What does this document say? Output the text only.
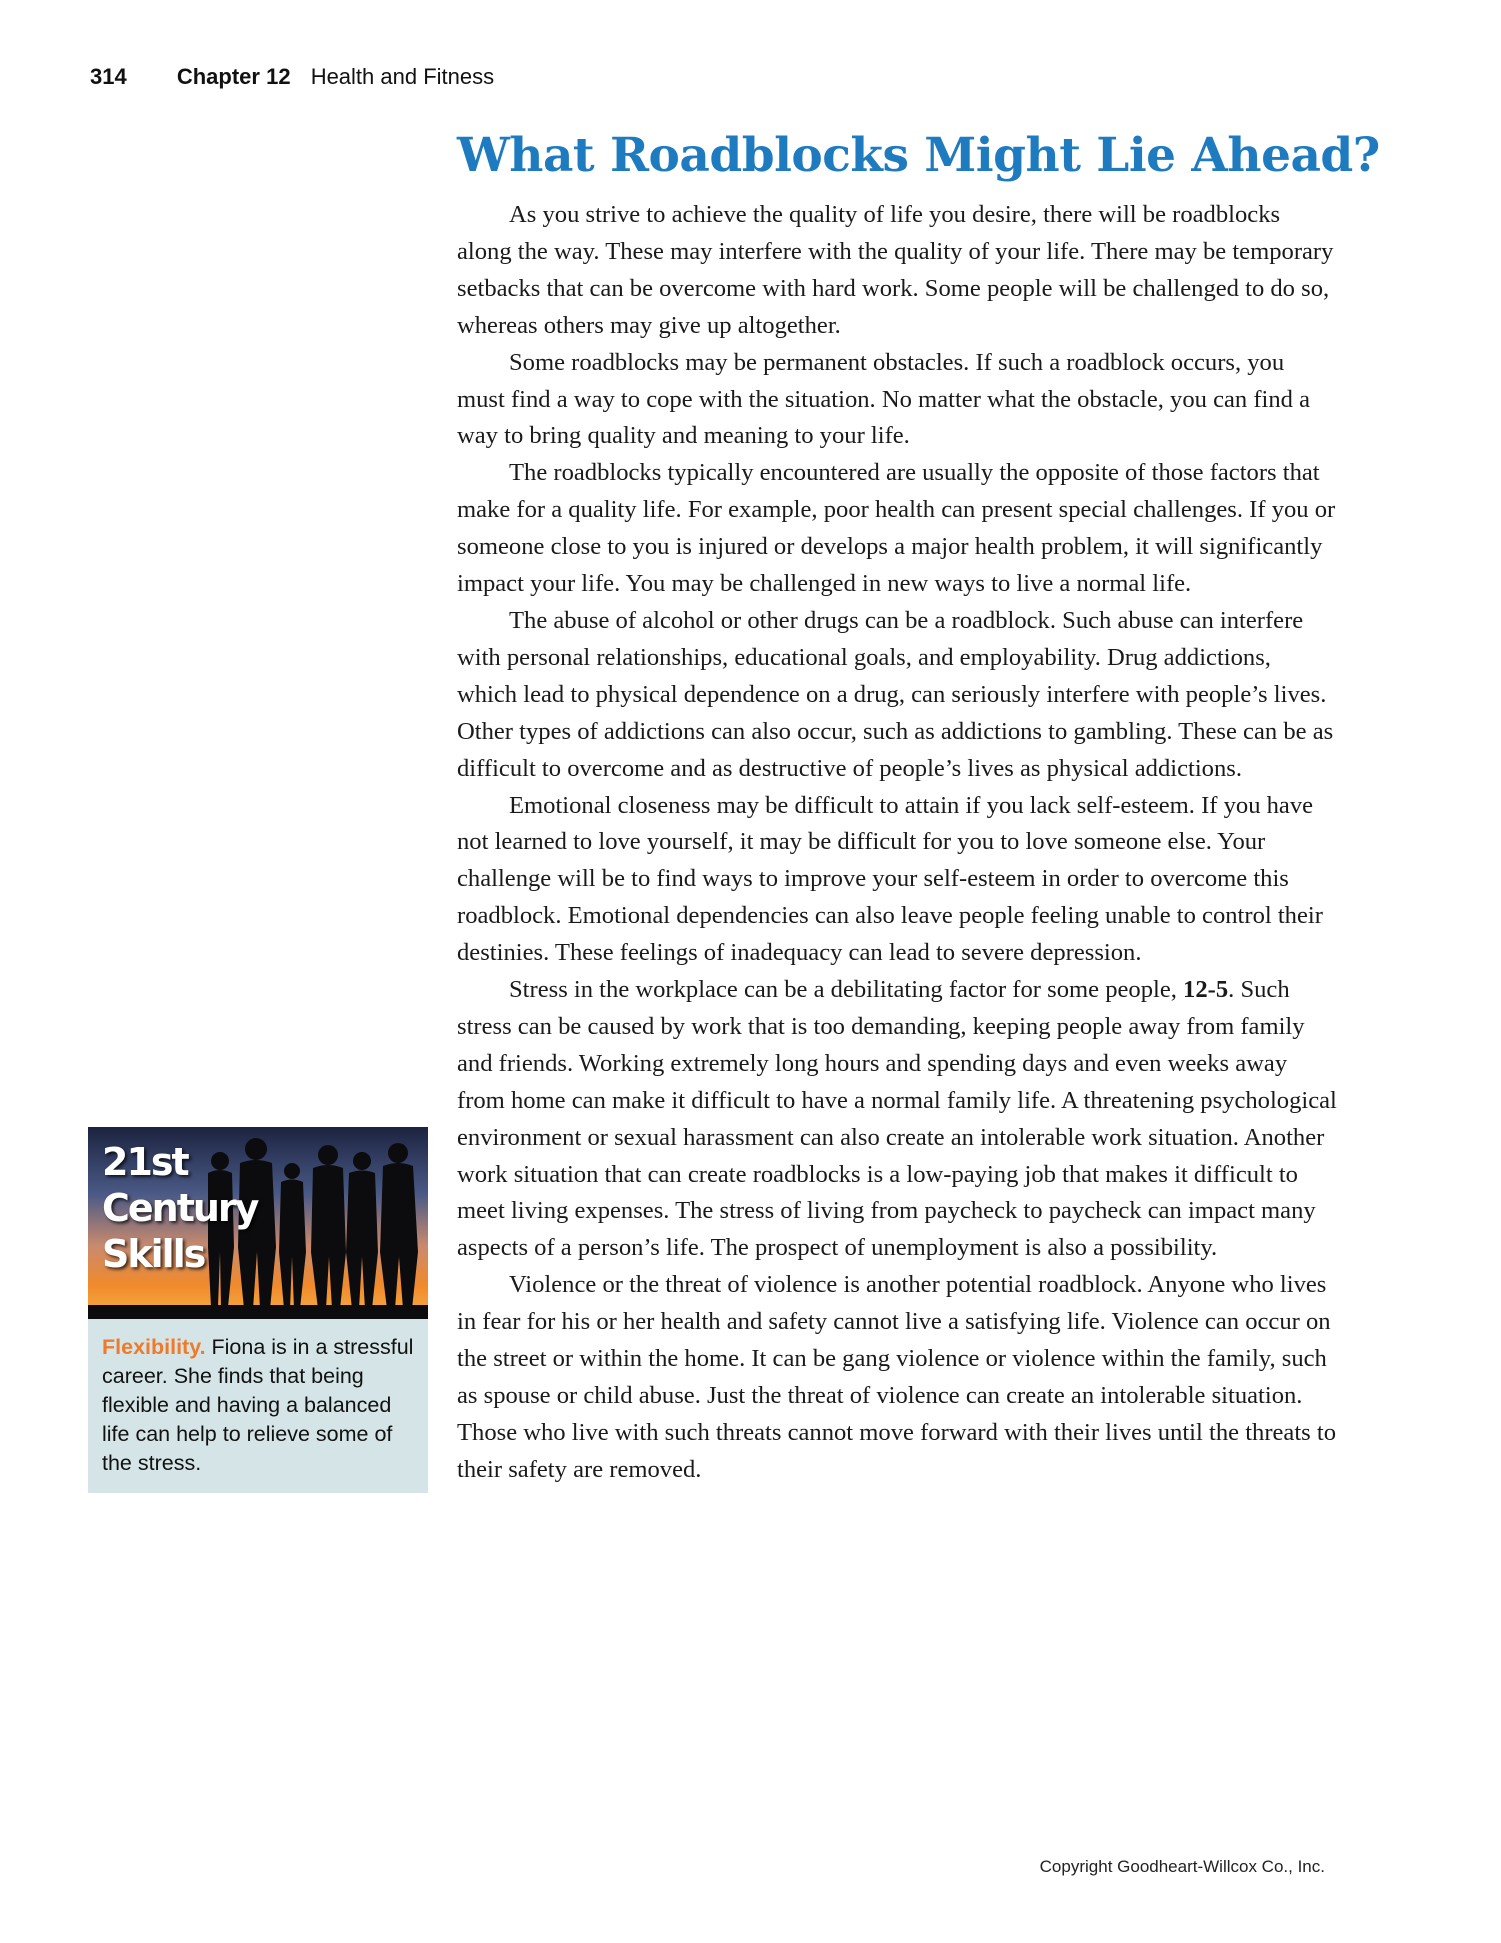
314 Chapter 12 Health and Fitness
What Roadblocks Might Lie Ahead?

As you strive to achieve the quality of life you desire, there will be roadblocks along the way. These may interfere with the quality of your life. There may be temporary setbacks that can be overcome with hard work. Some people will be challenged to do so, whereas others may give up altogether.

Some roadblocks may be permanent obstacles. If such a roadblock occurs, you must find a way to cope with the situation. No matter what the obstacle, you can find a way to bring quality and meaning to your life.

The roadblocks typically encountered are usually the opposite of those factors that make for a quality life. For example, poor health can present special challenges. If you or someone close to you is injured or develops a major health problem, it will significantly impact your life. You may be challenged in new ways to live a normal life.

The abuse of alcohol or other drugs can be a roadblock. Such abuse can interfere with personal relationships, educational goals, and employability. Drug addictions, which lead to physical dependence on a drug, can seriously interfere with people’s lives. Other types of addictions can also occur, such as addictions to gambling. These can be as difficult to overcome and as destructive of people’s lives as physical addictions.

Emotional closeness may be difficult to attain if you lack self-esteem. If you have not learned to love yourself, it may be difficult for you to love someone else. Your challenge will be to find ways to improve your self-esteem in order to overcome this roadblock. Emotional dependencies can also leave people feeling unable to control their destinies. These feelings of inadequacy can lead to severe depression.

Stress in the workplace can be a debilitating factor for some people, 12-5. Such stress can be caused by work that is too demanding, keeping people away from family and friends. Working extremely long hours and spending days and even weeks away from home can make it difficult to have a normal family life. A threatening psychological environment or sexual harassment can also create an intolerable work situation. Another work situation that can create roadblocks is a low-paying job that makes it difficult to meet living expenses. The stress of living from paycheck to paycheck can impact many aspects of a person’s life. The prospect of unemployment is also a possibility.

Violence or the threat of violence is another potential roadblock. Anyone who lives in fear for his or her health and safety cannot live a satisfying life. Violence can occur on the street or within the home. It can be gang violence or violence within the family, such as spouse or child abuse. Just the threat of violence can create an intolerable situation. Those who live with such threats cannot move forward with their lives until the threats to their safety are removed.

21st
Century
Skills
Flexibility. Fiona is in a stressful career. She finds that being flexible and having a balanced life can help to relieve some of the stress.
Copyright Goodheart-Willcox Co., Inc.
